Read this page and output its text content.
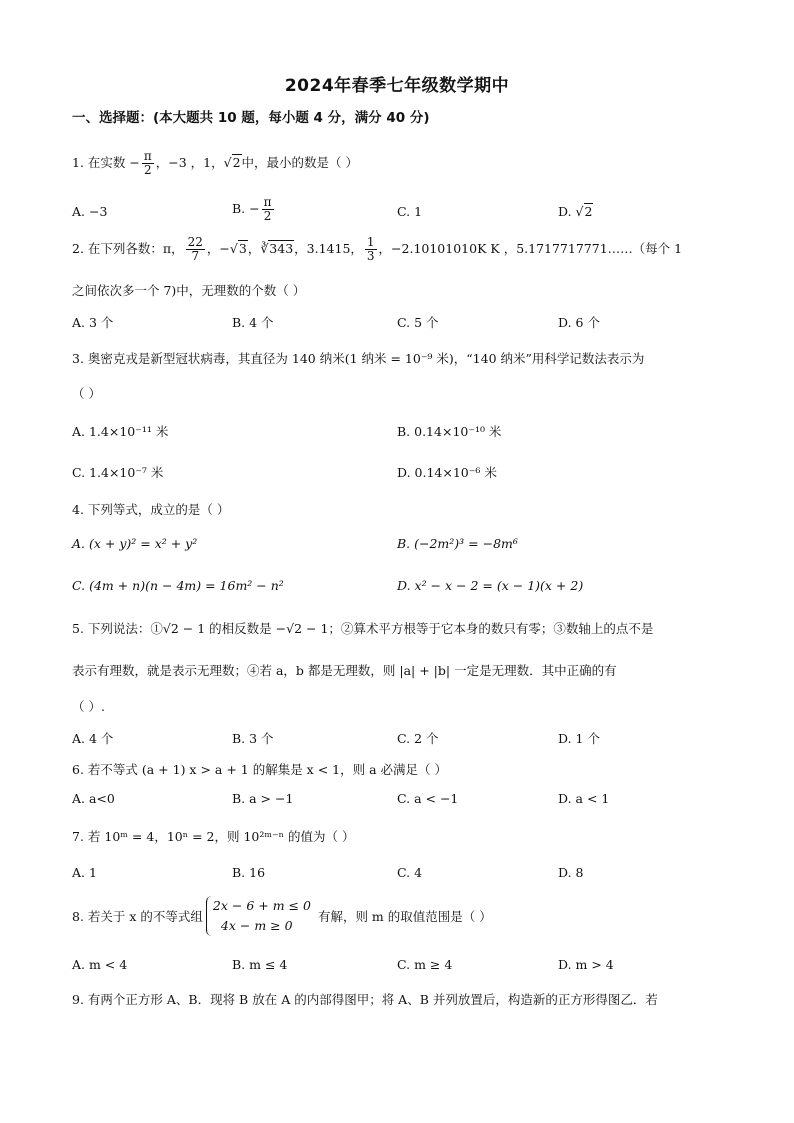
2024年春季七年级数学期中
一、选择题：(本大题共 10 题，每小题 4 分，满分 40 分)
1. 在实数 − $\frac{\pi}{2}$ ，−3 ，1，√2中，最小的数是（ ）
A. −3	B. − $\frac{\pi}{2}$	C. 1	D. √2
2. 在下列各数：π， $\frac{22}{7}$ ，−√3，∛343，3.1415， $\frac{1}{3}$ ，−2.10101010K K ，5.1717717771……（每个 1
之间依次多一个 7)中，无理数的个数（ ）
A. 3 个	B. 4 个	C. 5 个	D. 6 个
3. 奥密克戎是新型冠状病毒，其直径为 140 纳米(1 纳米 = 10⁻⁹ 米)，“140 纳米”用科学记数法表示为
（ ）
A. 1.4×10⁻¹¹ 米	B. 0.14×10⁻¹⁰ 米
C. 1.4×10⁻⁷ 米	D. 0.14×10⁻⁶ 米
4. 下列等式，成立的是（ ）
A. (x + y)² = x² + y²	B. (−2m²)³ = −8m⁶
C. (4m + n)(n − 4m) = 16m² − n²	D. x² − x − 2 = (x − 1)(x + 2)
5. 下列说法：①√2 − 1 的相反数是 −√2 − 1；②算术平方根等于它本身的数只有零；③数轴上的点不是
表示有理数，就是表示无理数；④若 a，b 都是无理数，则 |a| + |b| 一定是无理数．其中正确的有
（ ）.
A. 4 个	B. 3 个	C. 2 个	D. 1 个
6. 若不等式 (a + 1) x > a + 1 的解集是 x < 1，则 a 必满足（ ）
A. a<0	B. a > −1	C. a < −1	D. a < 1
7. 若 10ᵐ = 4，10ⁿ = 2，则 10²ᵐ⁻ⁿ 的值为（ ）
A. 1	B. 16	C. 4	D. 8
8. 若关于 x 的不等式组
2x − 6 + m ≤ 0
4x − m ≥ 0
有解，则 m 的取值范围是（ ）
A. m < 4	B. m ≤ 4	C. m ≥ 4	D. m > 4
9. 有两个正方形 A、B．现将 B 放在 A 的内部得图甲；将 A、B 并列放置后，构造新的正方形得图乙．若
